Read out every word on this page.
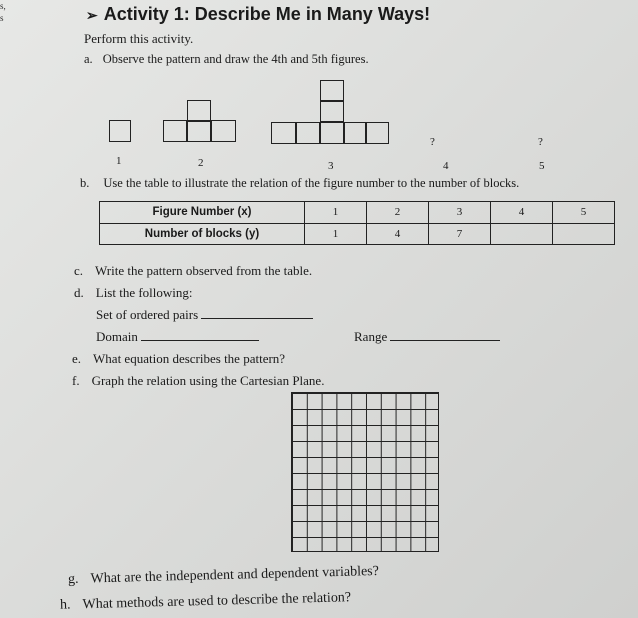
s,
s	➢ Activity 1: Describe Me in Many Ways!
Perform this activity.
a. Observe the pattern and draw the 4th and 5th figures.
1	2	3	4	5
?	?
b. Use the table to illustrate the relation of the figure number to the number of blocks.
Figure Number (x)	1	2	3	4	5
Number of blocks (y)	1	4	7		
c. Write the pattern observed from the table.
d. List the following:
Set of ordered pairs
Domain	Range
e. What equation describes the pattern?
f. Graph the relation using the Cartesian Plane.
g. What are the independent and dependent variables?
h. What methods are used to describe the relation?
